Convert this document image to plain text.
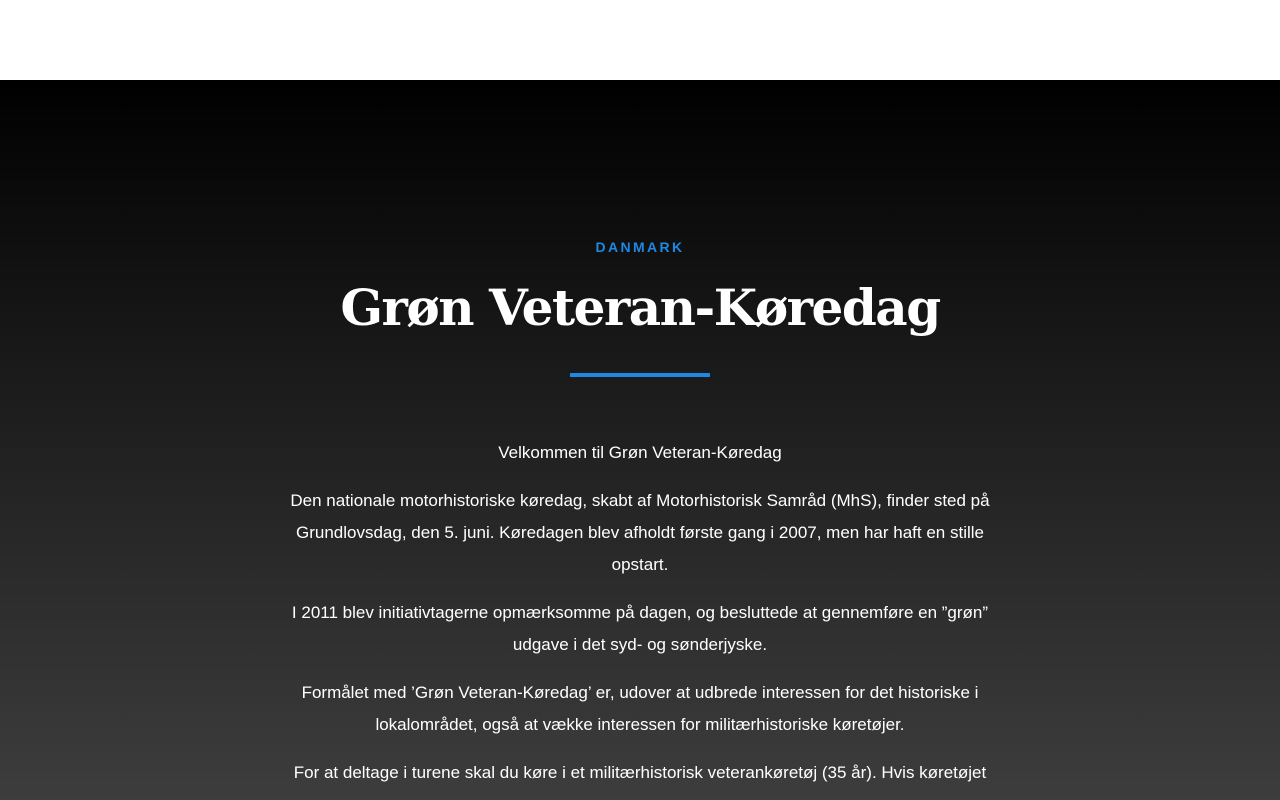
DANMARK

Grøn Veteran-Køredag

Velkommen til Grøn Veteran-Køredag

Den nationale motorhistoriske køredag, skabt af Motorhistorisk Samråd (MhS), finder sted på Grundlovsdag, den 5. juni. Køredagen blev afholdt første gang i 2007, men har haft en stille opstart.

I 2011 blev initiativtagerne opmærksomme på dagen, og besluttede at gennemføre en ”grøn” udgave i det syd- og sønderjyske.

Formålet med ’Grøn Veteran-Køredag’ er, udover at udbrede interessen for det historiske i lokalområdet, også at vække interessen for militærhistoriske køretøjer.

For at deltage i turene skal du køre i et militærhistorisk veterankøretøj (35 år). Hvis køretøjet
